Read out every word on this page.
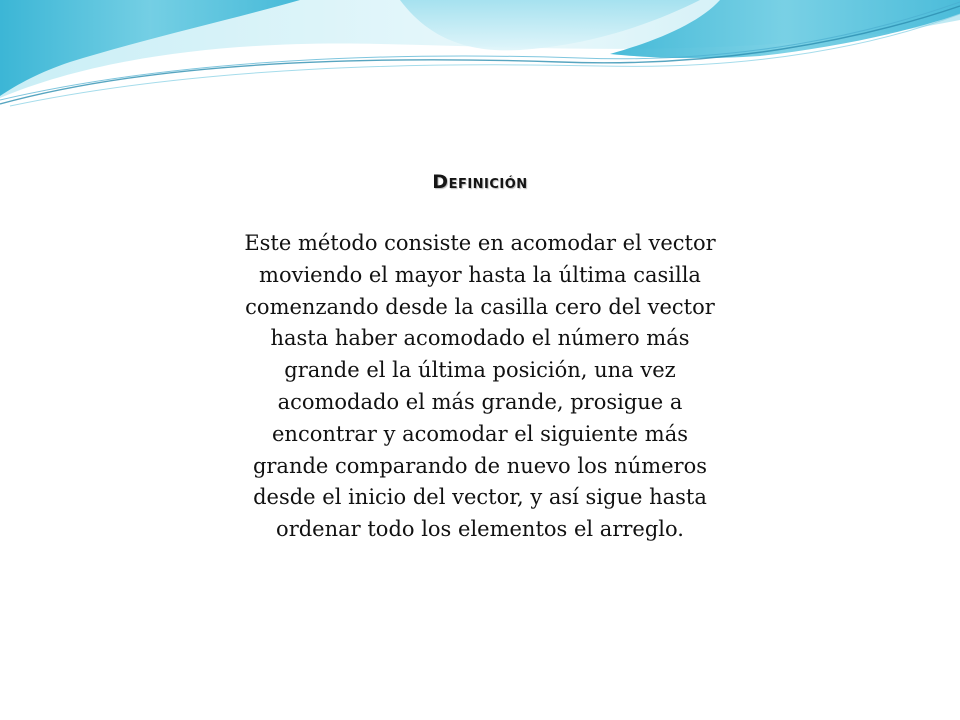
Definición

Este método consiste en acomodar el vector moviendo el mayor hasta la última casilla comenzando desde la casilla cero del vector hasta haber acomodado el número más grande el la última posición, una vez acomodado el más grande, prosigue a encontrar y acomodar el siguiente más grande comparando de nuevo los números desde el inicio del vector, y así sigue hasta ordenar todo los elementos el arreglo.
